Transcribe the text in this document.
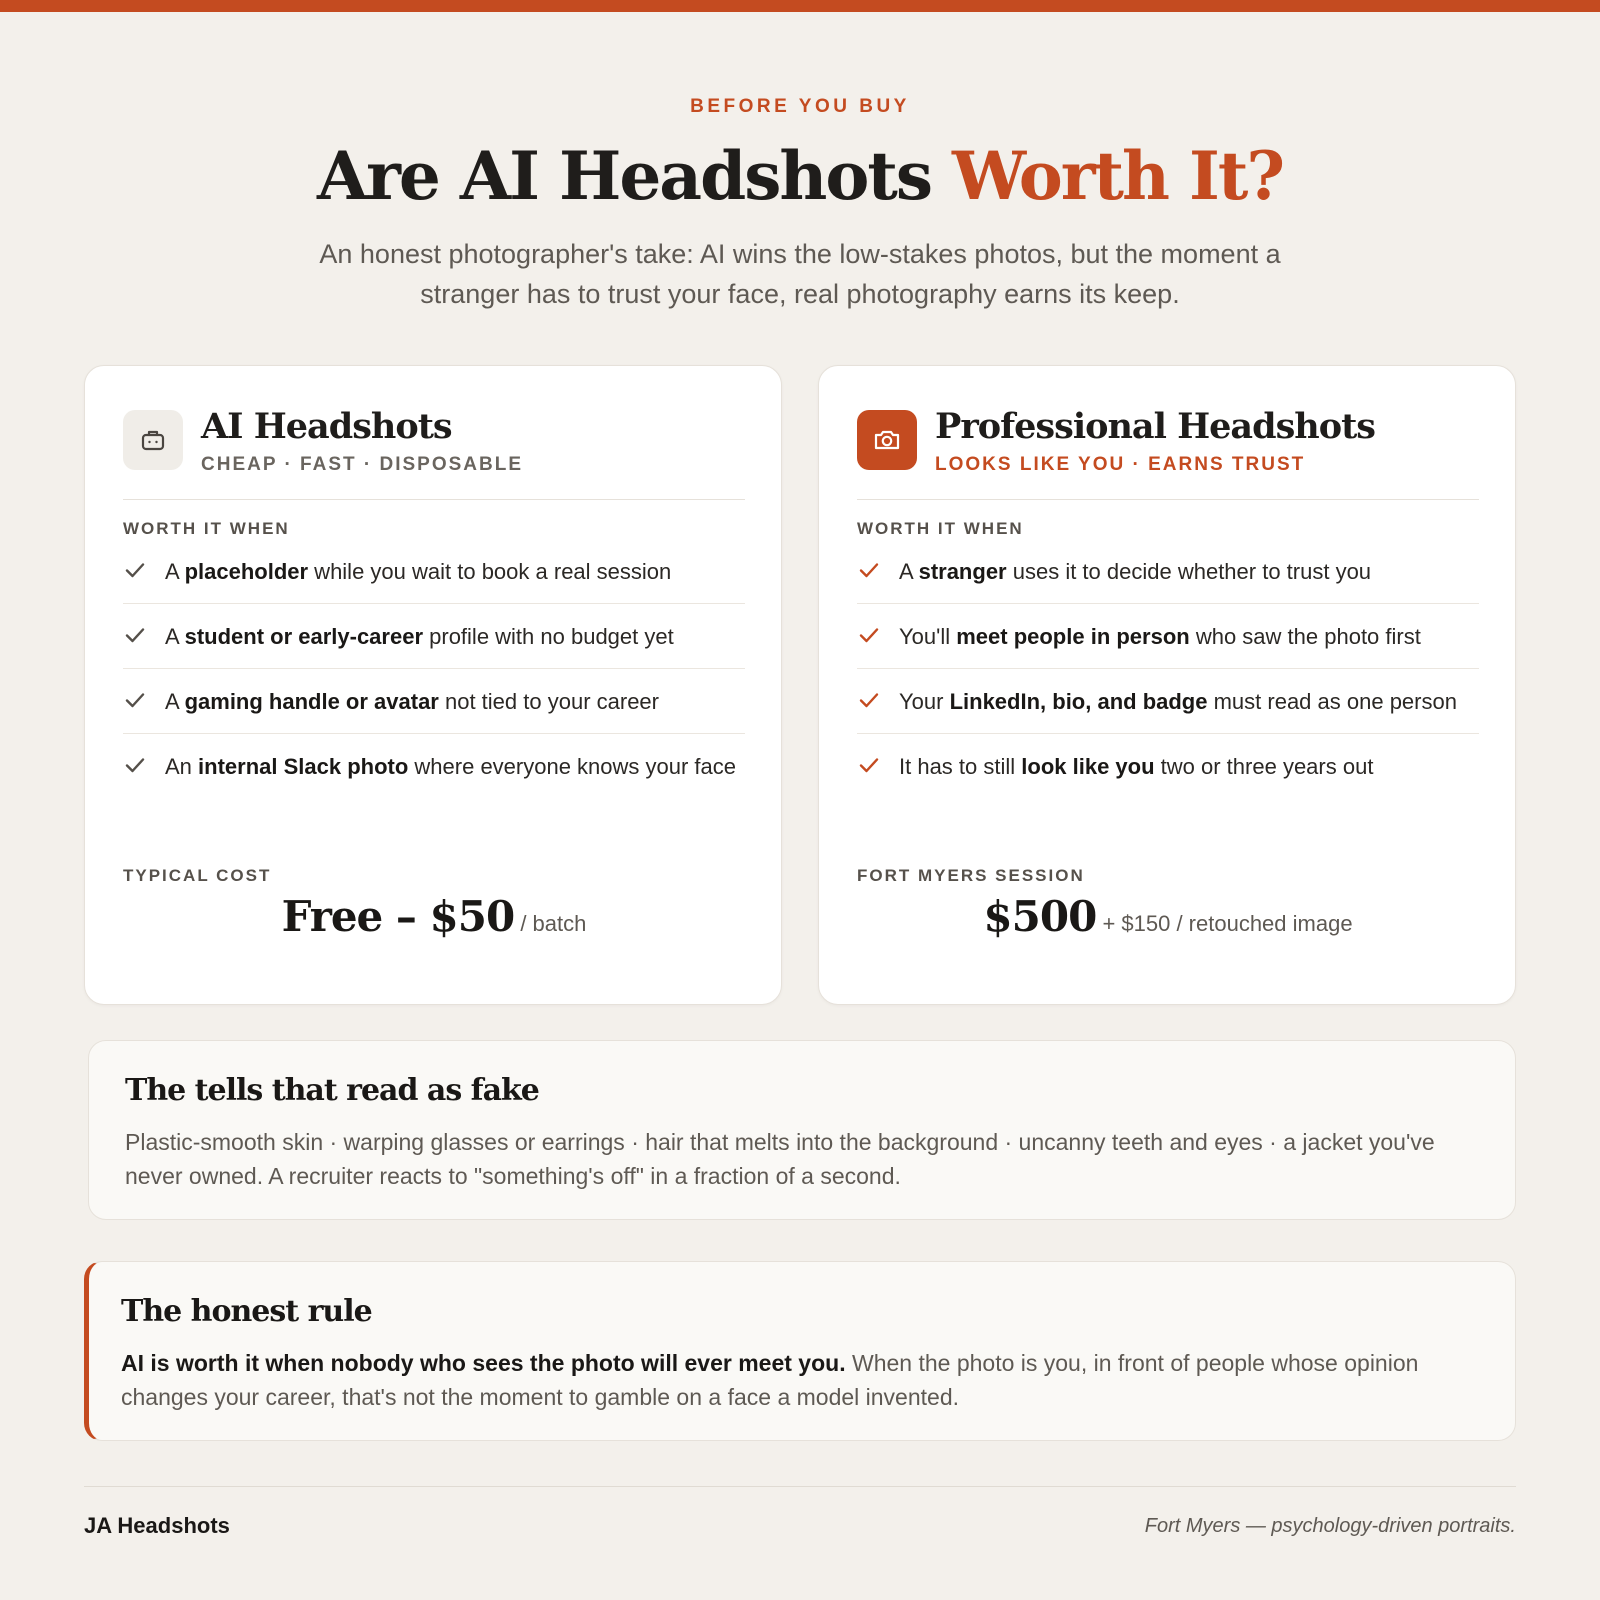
BEFORE YOU BUY
Are AI Headshots Worth It?

An honest photographer's take: AI wins the low-stakes photos, but the moment a stranger has to trust your face, real photography earns its keep.

AI Headshots
CHEAP · FAST · DISPOSABLE
WORTH IT WHEN
A placeholder while you wait to book a real session
A student or early-career profile with no budget yet
A gaming handle or avatar not tied to your career
An internal Slack photo where everyone knows your face
TYPICAL COST
Free – $50 / batch
Professional Headshots
LOOKS LIKE YOU · EARNS TRUST
WORTH IT WHEN
A stranger uses it to decide whether to trust you
You'll meet people in person who saw the photo first
Your LinkedIn, bio, and badge must read as one person
It has to still look like you two or three years out
FORT MYERS SESSION
$500 + $150 / retouched image
The tells that read as fake

Plastic-smooth skin · warping glasses or earrings · hair that melts into the background · uncanny teeth and eyes · a jacket you've never owned. A recruiter reacts to "something's off" in a fraction of a second.

The honest rule

AI is worth it when nobody who sees the photo will ever meet you. When the photo is you, in front of people whose opinion changes your career, that's not the moment to gamble on a face a model invented.

JA Headshots	Fort Myers — psychology-driven portraits.
